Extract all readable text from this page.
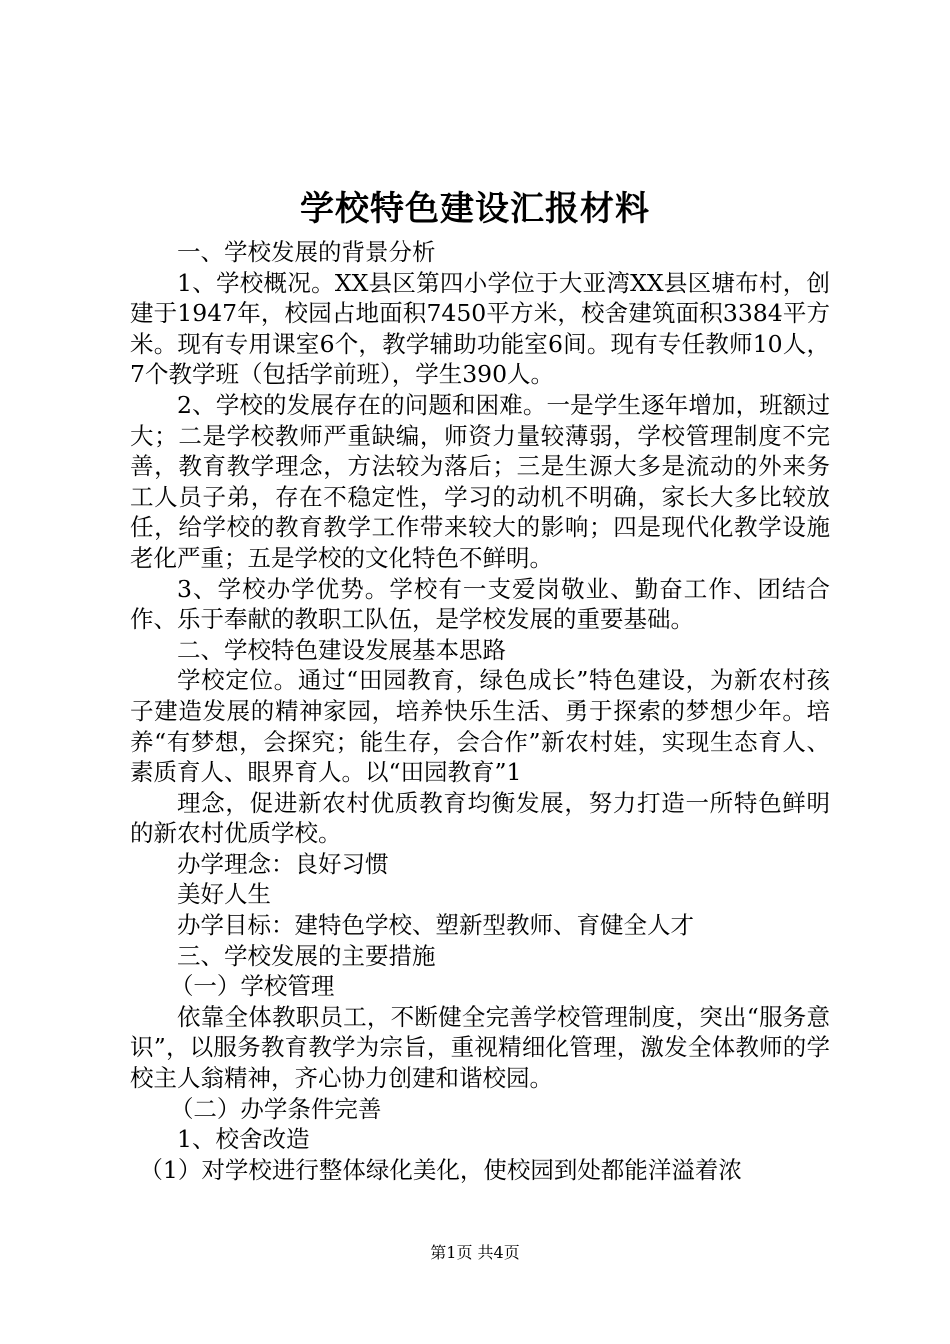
学校特色建设汇报材料

一、学校发展的背景分析

1、学校概况。XX县区第四小学位于大亚湾XX县区塘布村，创建于1947年，校园占地面积7450平方米，校舍建筑面积3384平方米。现有专用课室6个，教学辅助功能室6间。现有专任教师10人，7个教学班（包括学前班），学生390人。

2、学校的发展存在的问题和困难。一是学生逐年增加，班额过大；二是学校教师严重缺编，师资力量较薄弱，学校管理制度不完善，教育教学理念，方法较为落后；三是生源大多是流动的外来务工人员子弟，存在不稳定性，学习的动机不明确，家长大多比较放任，给学校的教育教学工作带来较大的影响；四是现代化教学设施老化严重；五是学校的文化特色不鲜明。

3、学校办学优势。学校有一支爱岗敬业、勤奋工作、团结合作、乐于奉献的教职工队伍，是学校发展的重要基础。

二、学校特色建设发展基本思路

学校定位。通过“田园教育，绿色成长”特色建设，为新农村孩子建造发展的精神家园，培养快乐生活、勇于探索的梦想少年。培养“有梦想，会探究；能生存，会合作”新农村娃，实现生态育人、素质育人、眼界育人。以“田园教育”1

理念，促进新农村优质教育均衡发展，努力打造一所特色鲜明的新农村优质学校。

办学理念：良好习惯

美好人生

办学目标：建特色学校、塑新型教师、育健全人才

三、学校发展的主要措施

（一）学校管理

依靠全体教职员工，不断健全完善学校管理制度，突出“服务意识”，以服务教育教学为宗旨，重视精细化管理，激发全体教师的学校主人翁精神，齐心协力创建和谐校园。

（二）办学条件完善

1、校舍改造

（1）对学校进行整体绿化美化，使校园到处都能洋溢着浓

第1页 共4页
